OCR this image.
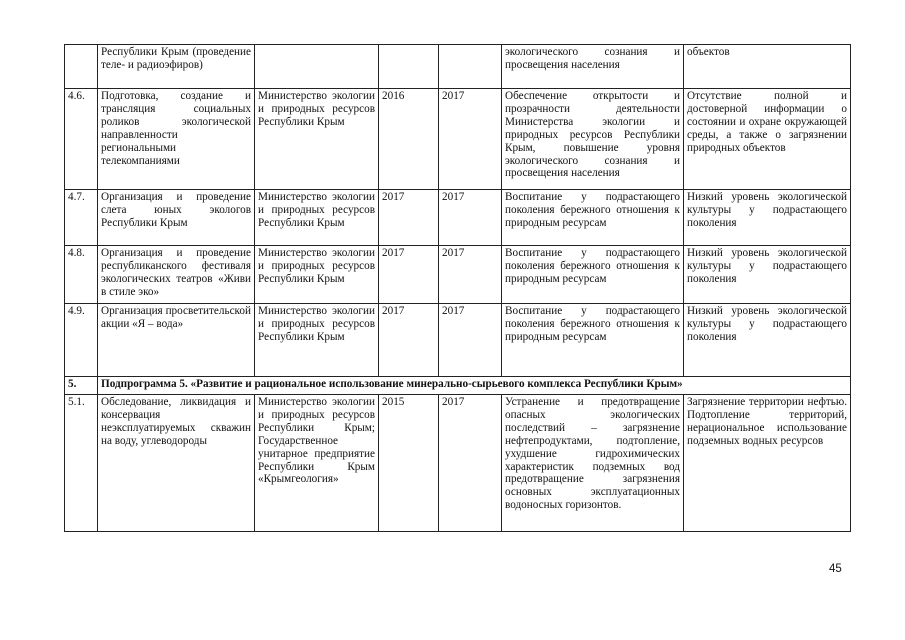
	Республики Крым (проведение теле- и радиоэфиров)				экологического сознания и просвещения населения	объектов
4.6.	Подготовка, создание и трансляция социальных роликов экологической направленности региональными телекомпаниями	Министерство экологии и природных ресурсов Республики Крым	2016	2017	Обеспечение открытости и прозрачности деятельности Министерства экологии и природных ресурсов Республики Крым, повышение уровня экологического сознания и просвещения населения	Отсутствие полной и достоверной информации о состоянии и охране окружающей среды, а также о загрязнении природных объектов
4.7.	Организация и проведение слета юных экологов Республики Крым	Министерство экологии и природных ресурсов Республики Крым	2017	2017	Воспитание у подрастающего поколения бережного отношения к природным ресурсам	Низкий уровень экологической культуры у подрастающего поколения
4.8.	Организация и проведение республиканского фестиваля экологических театров «Живи в стиле эко»	Министерство экологии и природных ресурсов Республики Крым	2017	2017	Воспитание у подрастающего поколения бережного отношения к природным ресурсам	Низкий уровень экологической культуры у подрастающего поколения
4.9.	Организация просветительской акции «Я – вода»	Министерство экологии и природных ресурсов Республики Крым	2017	2017	Воспитание у подрастающего поколения бережного отношения к природным ресурсам	Низкий уровень экологической культуры у подрастающего поколения
5.	Подпрограмма 5. «Развитие и рациональное использование минерально-сырьевого комплекса Республики Крым»					
5.1.	Обследование, ликвидация и консервация неэксплуатируемых скважин на воду, углеводороды	Министерство экологии и природных ресурсов Республики Крым; Государственное унитарное предприятие Республики Крым «Крымгеология»	2015	2017	Устранение и предотвращение опасных экологических последствий – загрязнение нефтепродуктами, подтопление, ухудшение гидрохимических характеристик подземных вод предотвращение загрязнения основных эксплуатационных водоносных горизонтов.	Загрязнение территории нефтью. Подтопление территорий, нерациональное использование подземных водных ресурсов
45
